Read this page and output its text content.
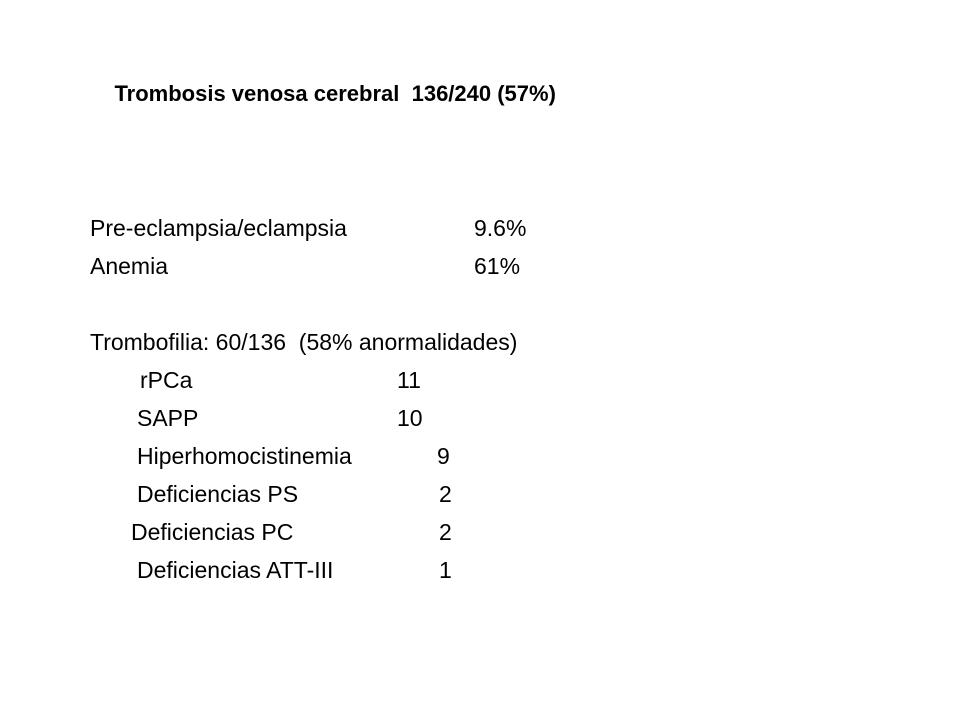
Trombosis venosa cerebral 136/240 (57%)

Pre-eclampsia/eclampsia	9.6%
Anemia	61%
Trombofilia: 60/136  (58% anormalidades)
rPCa	11
SAPP	10
Hiperhomocistinemia	9
Deficiencias PS	2
Deficiencias PC	2
Deficiencias ATT-III	1
